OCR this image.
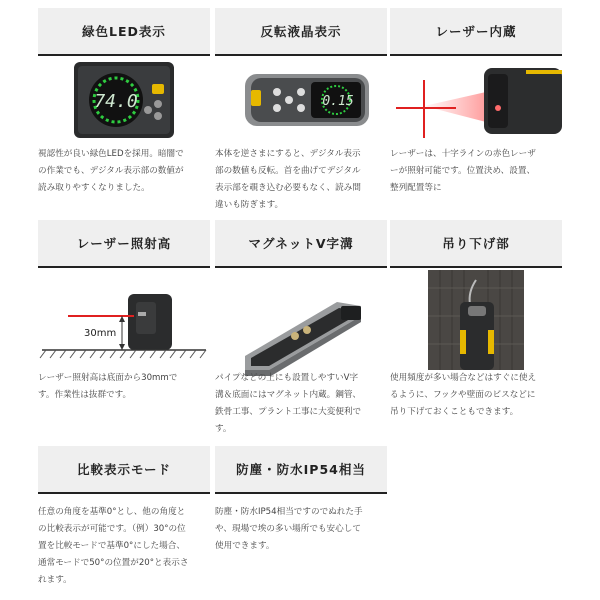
緑色LED表示
74.0
視認性が良い緑色LEDを採用。暗闇で
の作業でも、デジタル表示部の数値が
読み取りやすくなりました。
反転液晶表示
0.15
本体を逆さまにすると、デジタル表示
部の数値も反転。首を曲げてデジタル
表示部を覗き込む必要もなく、読み間
違いも防ぎます。
レーザー内蔵
レーザーは、十字ラインの赤色レーザ
ーが照射可能です。位置決め、設置、
整列配置等に
レーザー照射高
30mm
レーザー照射高は底面から30mmで
す。作業性は抜群です。
マグネットV字溝
パイプなどの上にも設置しやすいV字
溝＆底面にはマグネット内蔵。鋼管、
鉄骨工事、プラント工事に大変便利で
す。
吊り下げ部
使用頻度が多い場合などはすぐに使え
るように、フックや壁面のビスなどに
吊り下げておくこともできます。
比較表示モード
任意の角度を基準0°とし、他の角度と
の比較表示が可能です。（例）30°の位
置を比較モードで基準0°にした場合、
通常モードで50°の位置が20°と表示さ
れます。
防塵・防水IP54相当
防塵・防水IP54相当ですのでぬれた手
や、現場で埃の多い場所でも安心して
使用できます。
